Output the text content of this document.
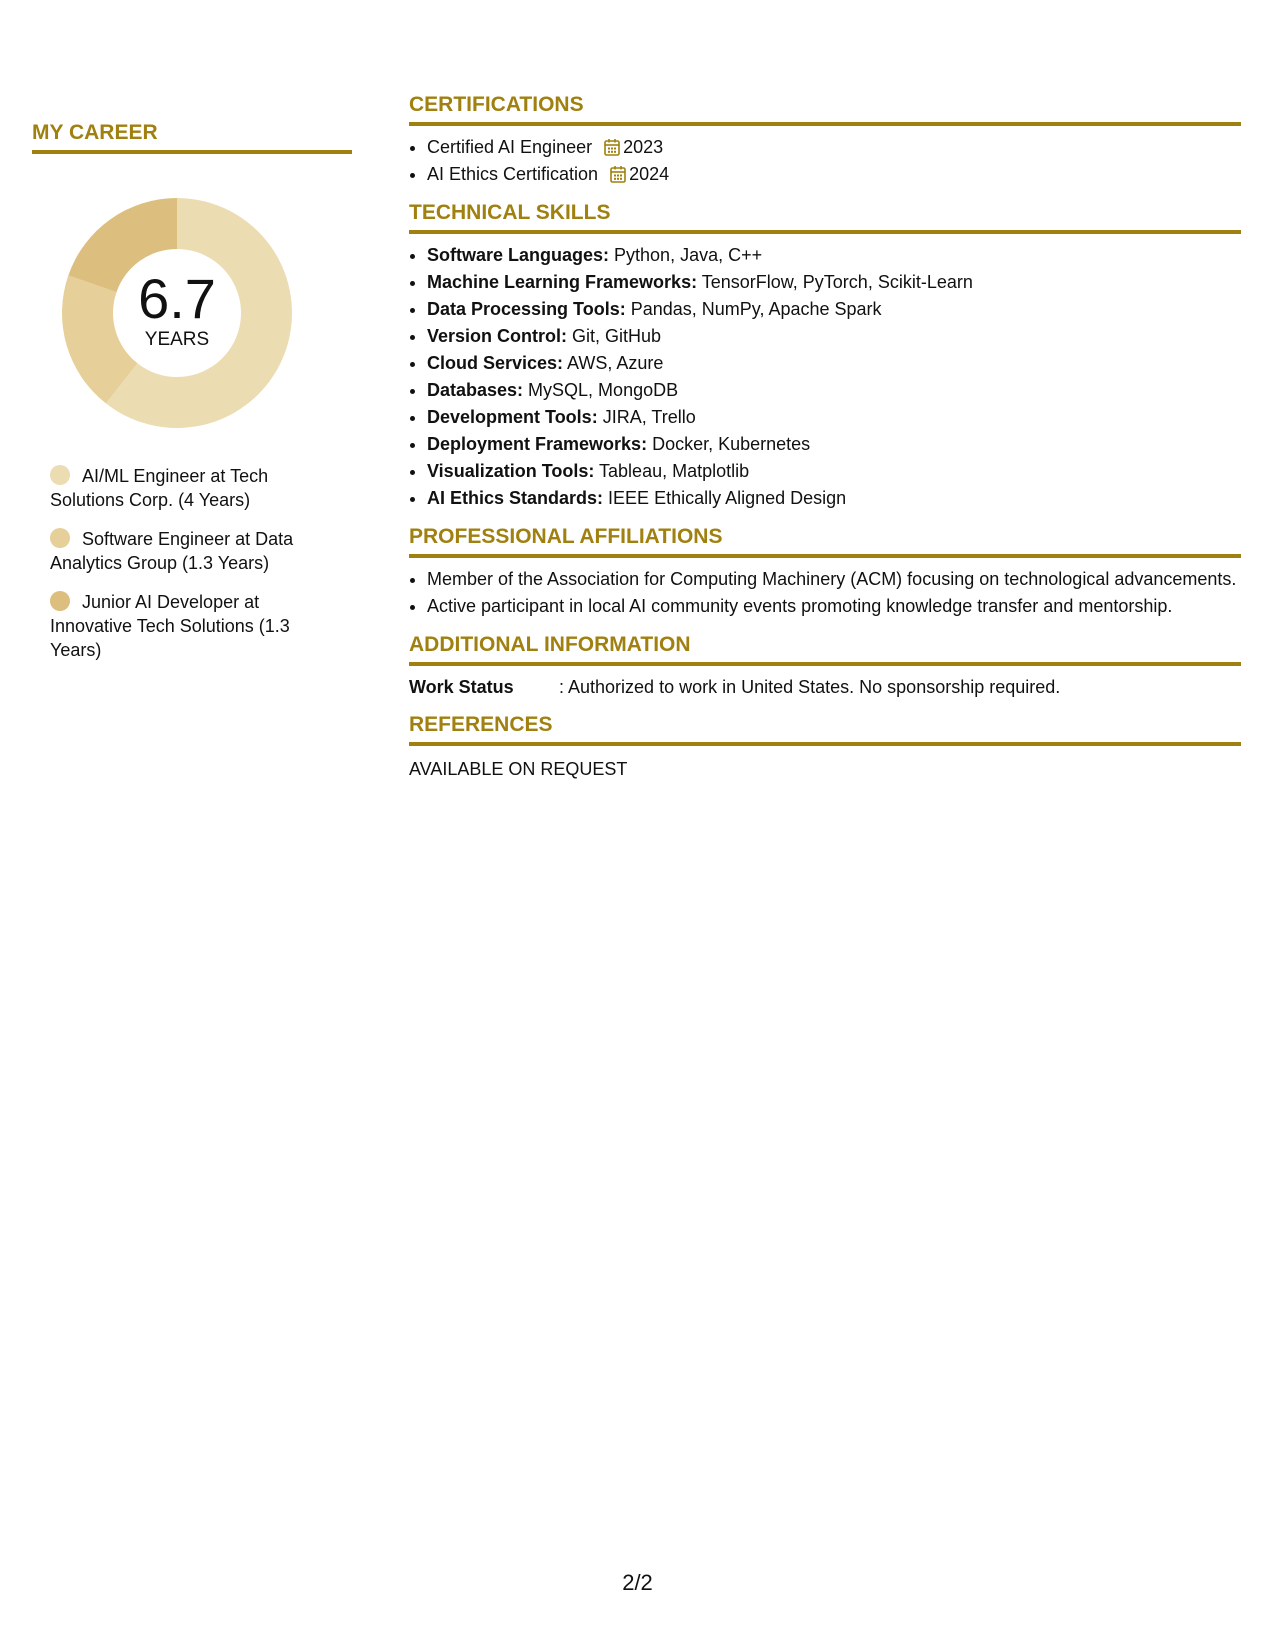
MY CAREER
6.7
YEARS
AI/ML Engineer at Tech Solutions Corp. (4 Years)
Software Engineer at Data Analytics Group (1.3 Years)
Junior AI Developer at Innovative Tech Solutions (1.3 Years)
CERTIFICATIONS
• Certified AI Engineer 2023
• AI Ethics Certification 2024
TECHNICAL SKILLS
• Software Languages: Python, Java, C++
• Machine Learning Frameworks: TensorFlow, PyTorch, Scikit-Learn
• Data Processing Tools: Pandas, NumPy, Apache Spark
• Version Control: Git, GitHub
• Cloud Services: AWS, Azure
• Databases: MySQL, MongoDB
• Development Tools: JIRA, Trello
• Deployment Frameworks: Docker, Kubernetes
• Visualization Tools: Tableau, Matplotlib
• AI Ethics Standards: IEEE Ethically Aligned Design
PROFESSIONAL AFFILIATIONS
• Member of the Association for Computing Machinery (ACM) focusing on technological advancements.
• Active participant in local AI community events promoting knowledge transfer and mentorship.
ADDITIONAL INFORMATION
Work Status	: Authorized to work in United States. No sponsorship required.
REFERENCES

AVAILABLE ON REQUEST

2/2
